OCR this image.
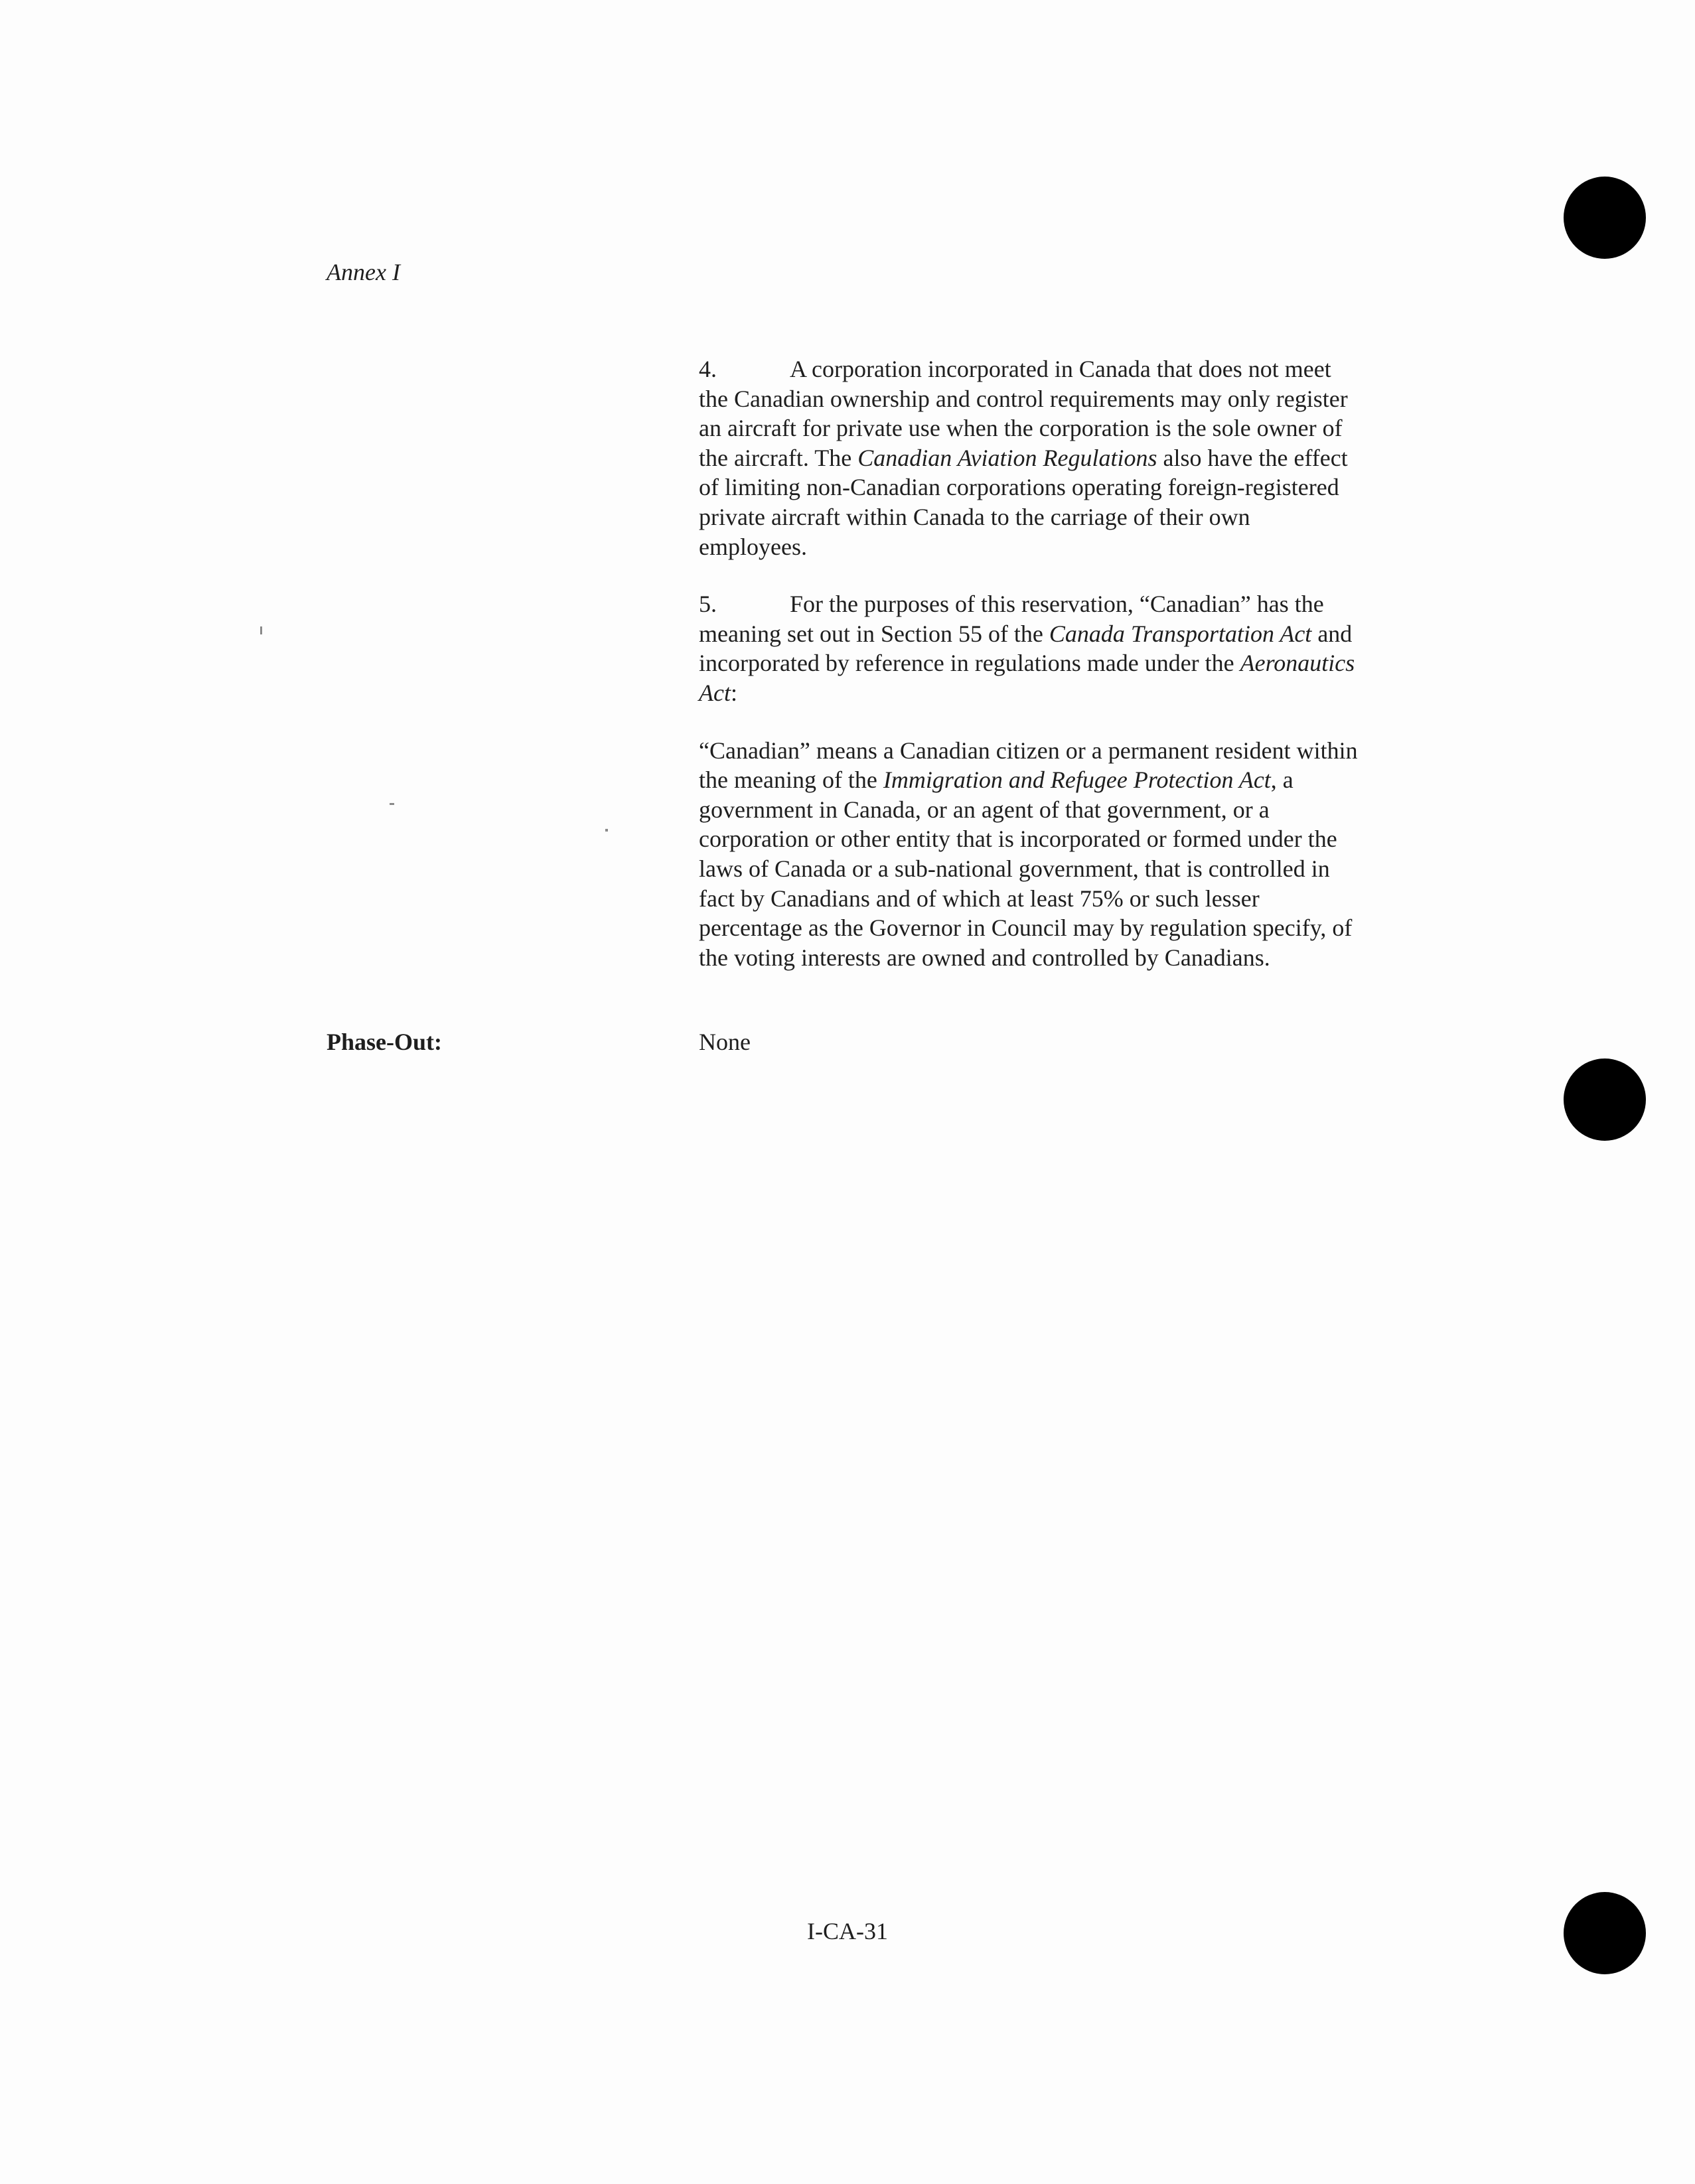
Annex I

4.	A corporation incorporated in Canada that does not meet the Canadian ownership and control requirements may only register an aircraft for private use when the corporation is the sole owner of the aircraft. The Canadian Aviation Regulations also have the effect of limiting non-Canadian corporations operating foreign-registered private aircraft within Canada to the carriage of their own employees.

5.	For the purposes of this reservation, “Canadian” has the meaning set out in Section 55 of the Canada Transportation Act and incorporated by reference in regulations made under the Aeronautics Act:

“Canadian” means a Canadian citizen or a permanent resident within the meaning of the Immigration and Refugee Protection Act, a government in Canada, or an agent of that government, or a corporation or other entity that is incorporated or formed under the laws of Canada or a sub-national government, that is controlled in fact by Canadians and of which at least 75% or such lesser percentage as the Governor in Council may by regulation specify, of the voting interests are owned and controlled by Canadians.

Phase-Out:	None

I-CA-31
